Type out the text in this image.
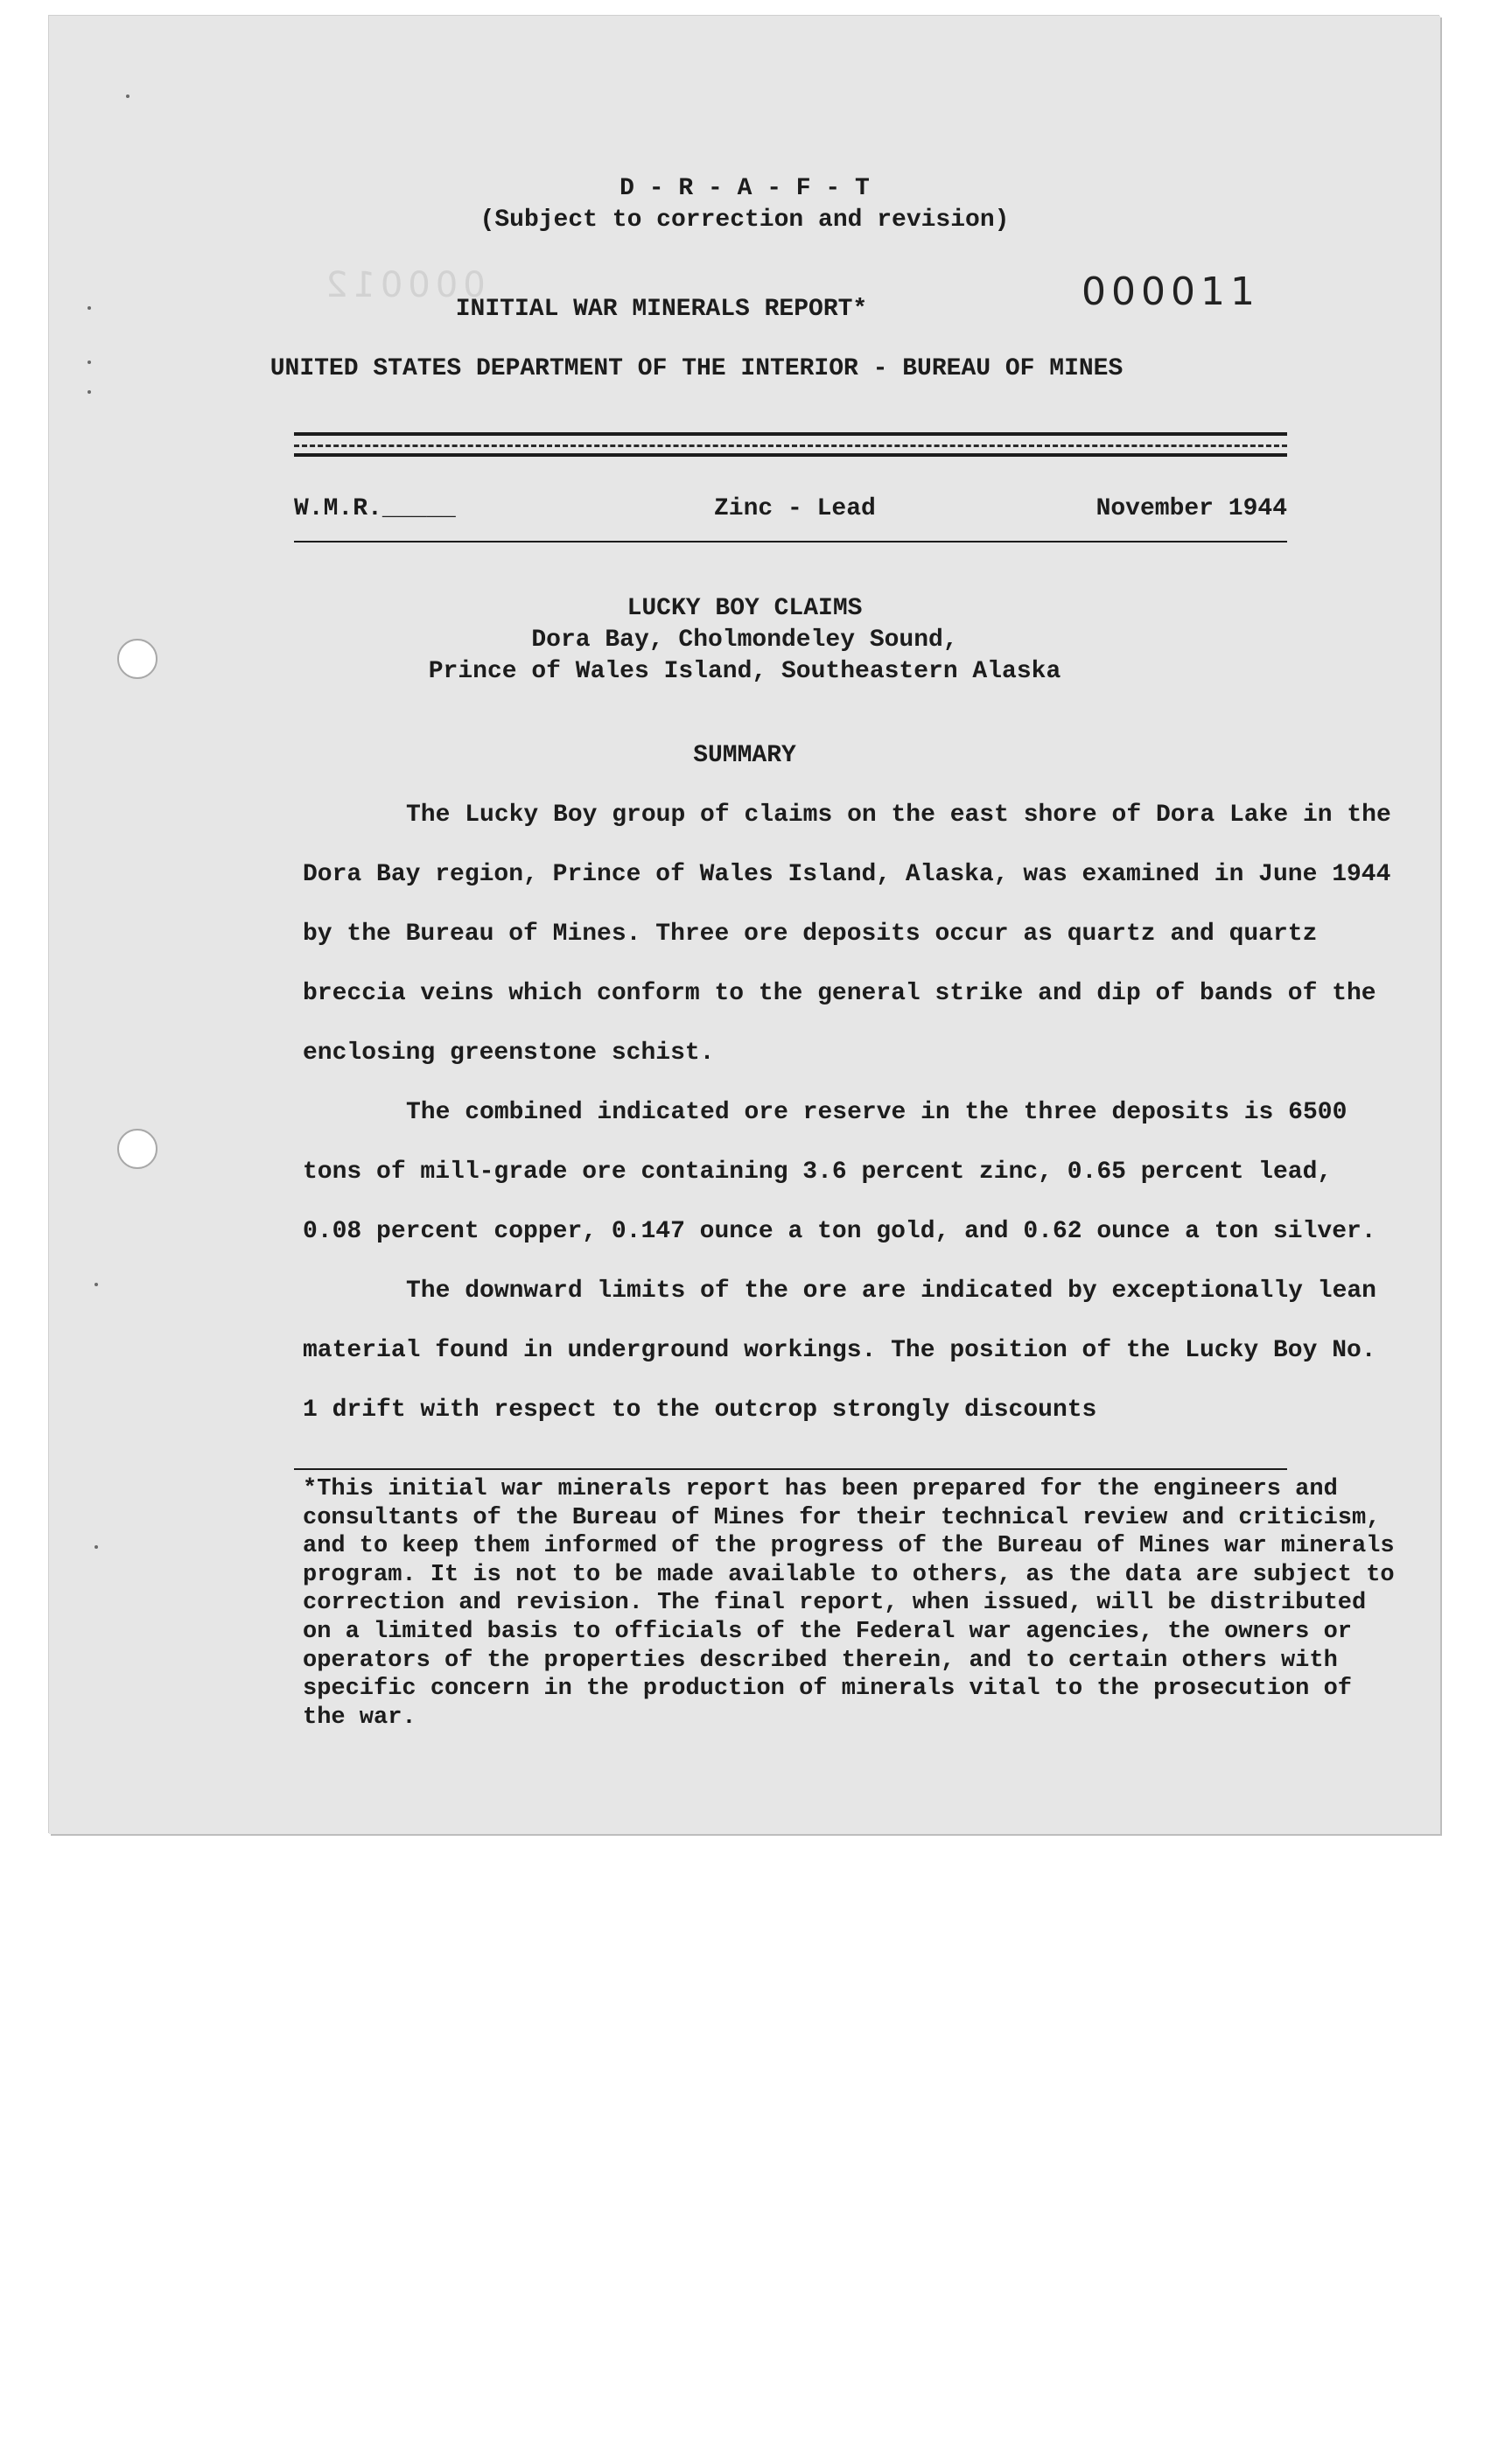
D - R - A - F - T
(Subject to correction and revision)
000012
INITIAL WAR MINERALS REPORT*	000011
UNITED STATES DEPARTMENT OF THE INTERIOR - BUREAU OF MINES
W.M.R._____	Zinc - Lead	November 1944
LUCKY BOY CLAIMS
Dora Bay, Cholmondeley Sound,
Prince of Wales Island, Southeastern Alaska
SUMMARY

The Lucky Boy group of claims on the east shore of Dora Lake in the Dora Bay region, Prince of Wales Island, Alaska, was examined in June 1944 by the Bureau of Mines. Three ore deposits occur as quartz and quartz breccia veins which conform to the general strike and dip of bands of the enclosing greenstone schist.

The combined indicated ore reserve in the three deposits is 6500 tons of mill-grade ore containing 3.6 percent zinc, 0.65 percent lead, 0.08 percent copper, 0.147 ounce a ton gold, and 0.62 ounce a ton silver.

The downward limits of the ore are indicated by exceptionally lean material found in underground workings. The position of the Lucky Boy No. 1 drift with respect to the outcrop strongly discounts

*This initial war minerals report has been prepared for the engineers and consultants of the Bureau of Mines for their technical review and criticism, and to keep them informed of the progress of the Bureau of Mines war minerals program. It is not to be made available to others, as the data are subject to correction and revision. The final report, when issued, will be distributed on a limited basis to officials of the Federal war agencies, the owners or operators of the properties described therein, and to certain others with specific concern in the production of minerals vital to the prosecution of the war.
